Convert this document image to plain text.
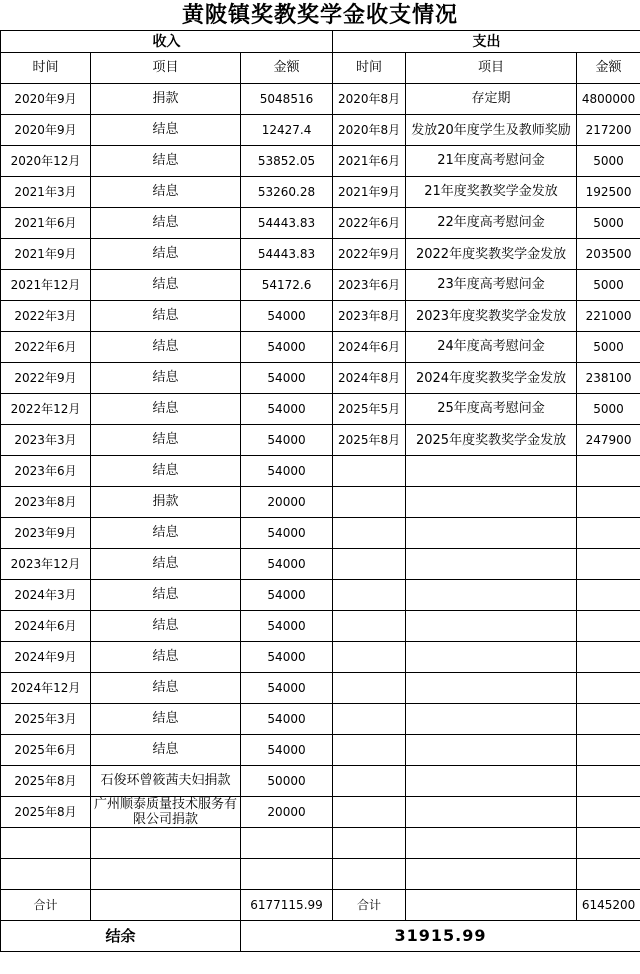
黄陂镇奖教奖学金收支情况
收入			支出		
时间	项目	金额	时间	项目	金额
2020年9月	捐款	5048516	2020年8月	存定期	4800000
2020年9月	结息	12427.4	2020年8月	发放20年度学生及教师奖励	217200
2020年12月	结息	53852.05	2021年6月	21年度高考慰问金	5000
2021年3月	结息	53260.28	2021年9月	21年度奖教奖学金发放	192500
2021年6月	结息	54443.83	2022年6月	22年度高考慰问金	5000
2021年9月	结息	54443.83	2022年9月	2022年度奖教奖学金发放	203500
2021年12月	结息	54172.6	2023年6月	23年度高考慰问金	5000
2022年3月	结息	54000	2023年8月	2023年度奖教奖学金发放	221000
2022年6月	结息	54000	2024年6月	24年度高考慰问金	5000
2022年9月	结息	54000	2024年8月	2024年度奖教奖学金发放	238100
2022年12月	结息	54000	2025年5月	25年度高考慰问金	5000
2023年3月	结息	54000	2025年8月	2025年度奖教奖学金发放	247900
2023年6月	结息	54000			
2023年8月	捐款	20000			
2023年9月	结息	54000			
2023年12月	结息	54000			
2024年3月	结息	54000			
2024年6月	结息	54000			
2024年9月	结息	54000			
2024年12月	结息	54000			
2025年3月	结息	54000			
2025年6月	结息	54000			
2025年8月	石俊环曾筱茜夫妇捐款	50000			
2025年8月	广州顺泰质量技术服务有限公司捐款	20000			

合计		6177115.99	合计		6145200
结余		31915.99			
